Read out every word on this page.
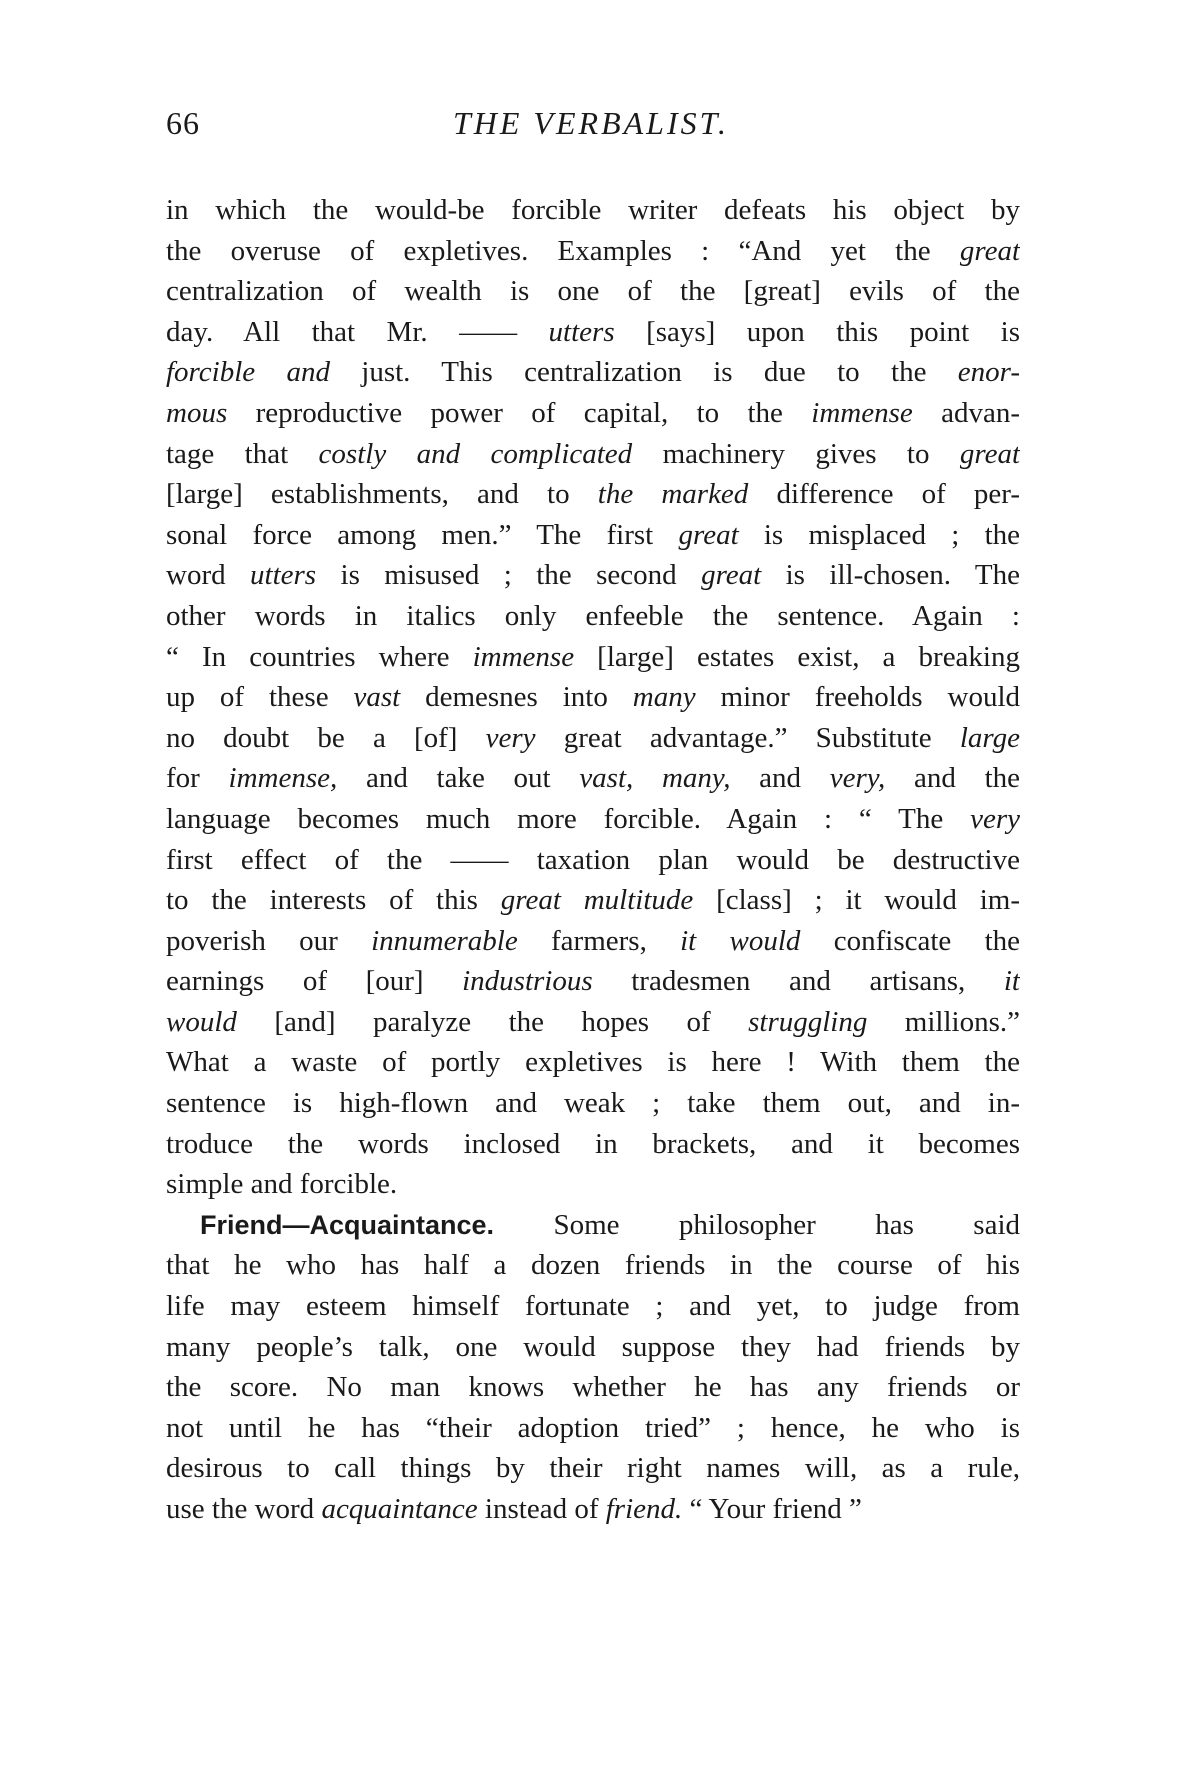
66	THE VERBALIST.
in which the would-be forcible writer defeats his object by
the overuse of expletives. Examples : “And yet the great
centralization of wealth is one of the [great] evils of the
day. All that Mr. —— utters [says] upon this point is
forcible and just. This centralization is due to the enor-
mous reproductive power of capital, to the immense advan-
tage that costly and complicated machinery gives to great
[large] establishments, and to the marked difference of per-
sonal force among men.” The first great is misplaced ; the
word utters is misused ; the second great is ill-chosen. The
other words in italics only enfeeble the sentence. Again :
“ In countries where immense [large] estates exist, a breaking
up of these vast demesnes into many minor freeholds would
no doubt be a [of] very great advantage.” Substitute large
for immense, and take out vast, many, and very, and the
language becomes much more forcible. Again : “ The very
first effect of the —— taxation plan would be destructive
to the interests of this great multitude [class] ; it would im-
poverish our innumerable farmers, it would confiscate the
earnings of [our] industrious tradesmen and artisans, it
would [and] paralyze the hopes of struggling millions.”
What a waste of portly expletives is here ! With them the
sentence is high-flown and weak ; take them out, and in-
troduce the words inclosed in brackets, and it becomes
simple and forcible.
Friend—Acquaintance. Some philosopher has said
that he who has half a dozen friends in the course of his
life may esteem himself fortunate ; and yet, to judge from
many people’s talk, one would suppose they had friends by
the score. No man knows whether he has any friends or
not until he has “their adoption tried” ; hence, he who is
desirous to call things by their right names will, as a rule,
use the word acquaintance instead of friend. “ Your friend ”
